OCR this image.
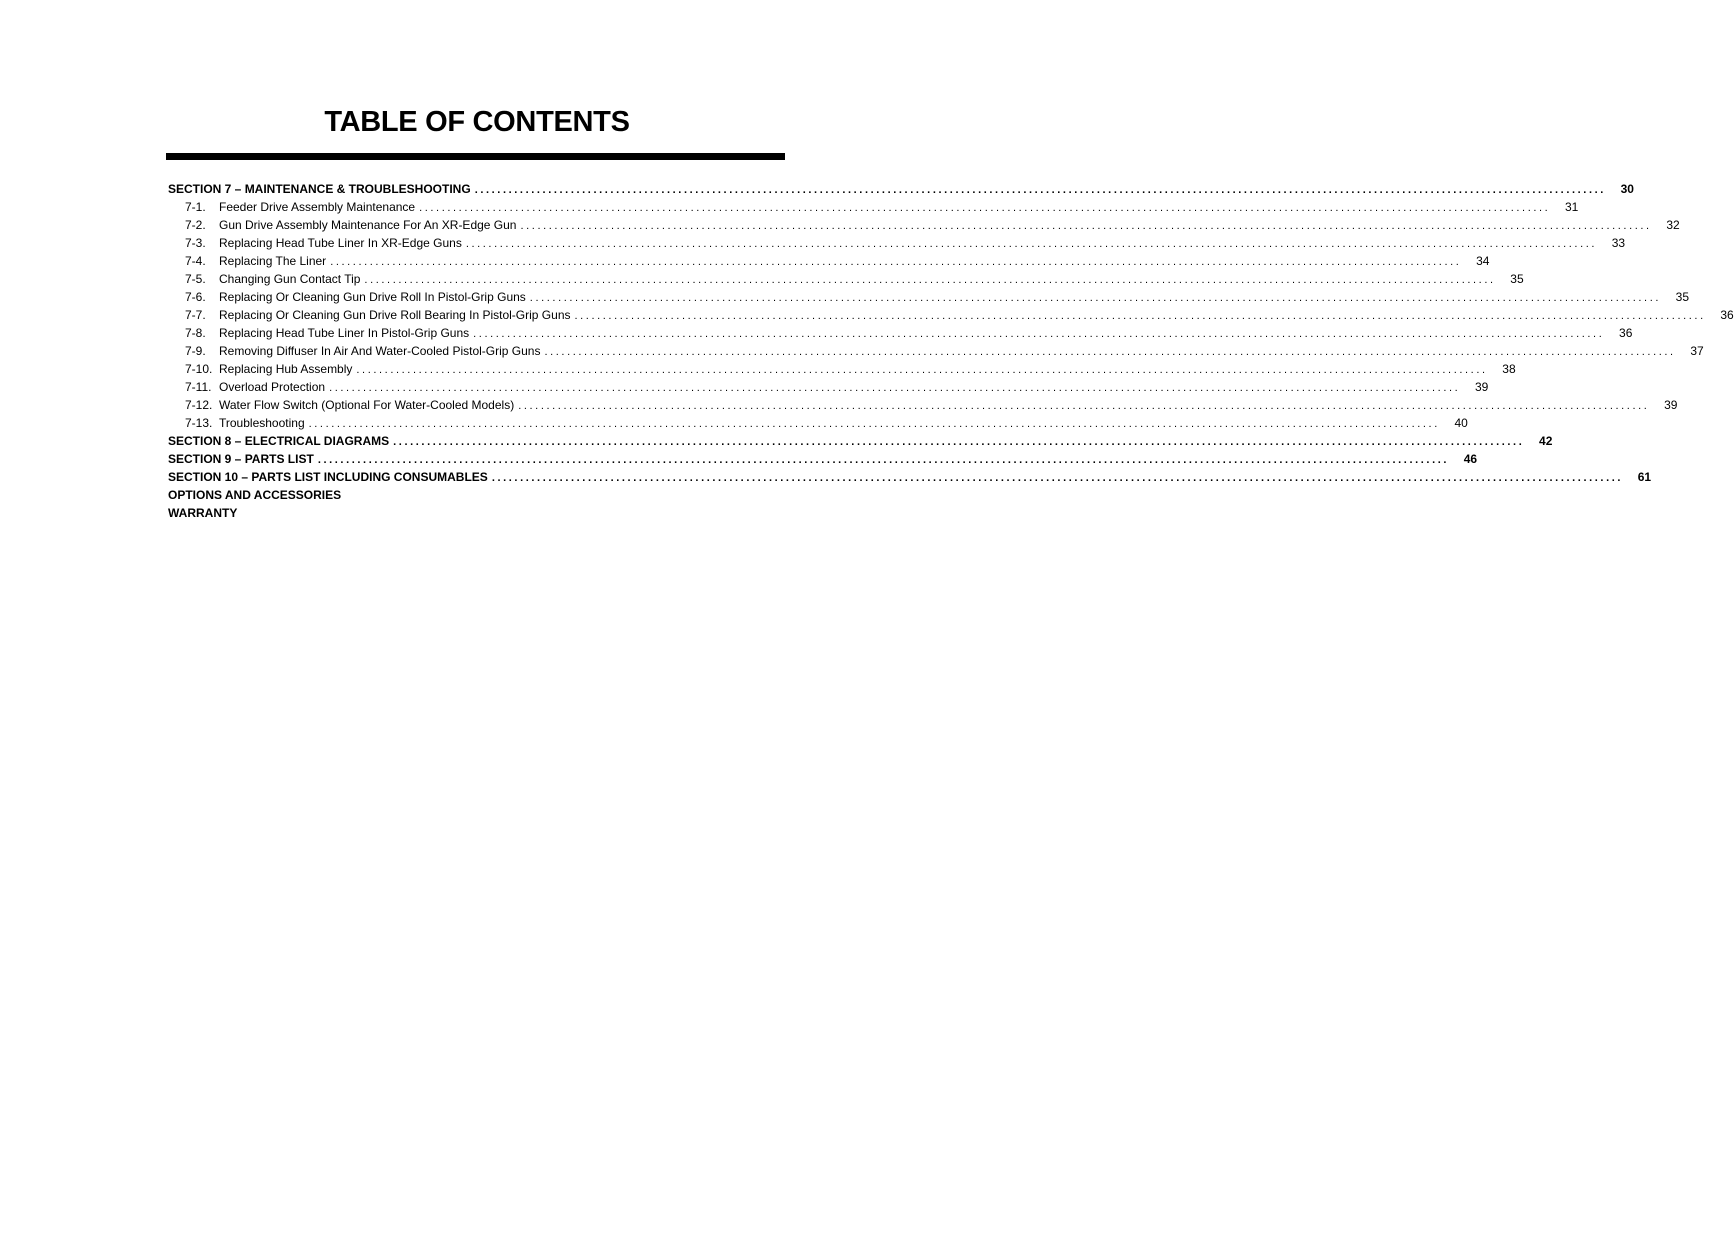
TABLE OF CONTENTS
SECTION 7 – MAINTENANCE & TROUBLESHOOTING ........................................................................................................................................................................................................	30
7-1.	Feeder Drive Assembly Maintenance ........................................................................................................................................................................................................	31
7-2.	Gun Drive Assembly Maintenance For An XR-Edge Gun ........................................................................................................................................................................................................	32
7-3.	Replacing Head Tube Liner In XR-Edge Guns ........................................................................................................................................................................................................	33
7-4.	Replacing The Liner ........................................................................................................................................................................................................	34
7-5.	Changing Gun Contact Tip ........................................................................................................................................................................................................	35
7-6.	Replacing Or Cleaning Gun Drive Roll In Pistol-Grip Guns ........................................................................................................................................................................................................	35
7-7.	Replacing Or Cleaning Gun Drive Roll Bearing In Pistol-Grip Guns ........................................................................................................................................................................................................	36
7-8.	Replacing Head Tube Liner In Pistol-Grip Guns ........................................................................................................................................................................................................	36
7-9.	Removing Diffuser In Air And Water-Cooled Pistol-Grip Guns ........................................................................................................................................................................................................	37
7-10. Replacing Hub Assembly ........................................................................................................................................................................................................	38
7-11. Overload Protection ........................................................................................................................................................................................................	39
7-12. Water Flow Switch (Optional For Water-Cooled Models) ........................................................................................................................................................................................................	39
7-13. Troubleshooting ........................................................................................................................................................................................................	40
SECTION 8 – ELECTRICAL DIAGRAMS ........................................................................................................................................................................................................	42
SECTION 9 – PARTS LIST ........................................................................................................................................................................................................	46
SECTION 10 – PARTS LIST INCLUDING CONSUMABLES ........................................................................................................................................................................................................	61
OPTIONS AND ACCESSORIES
WARRANTY
